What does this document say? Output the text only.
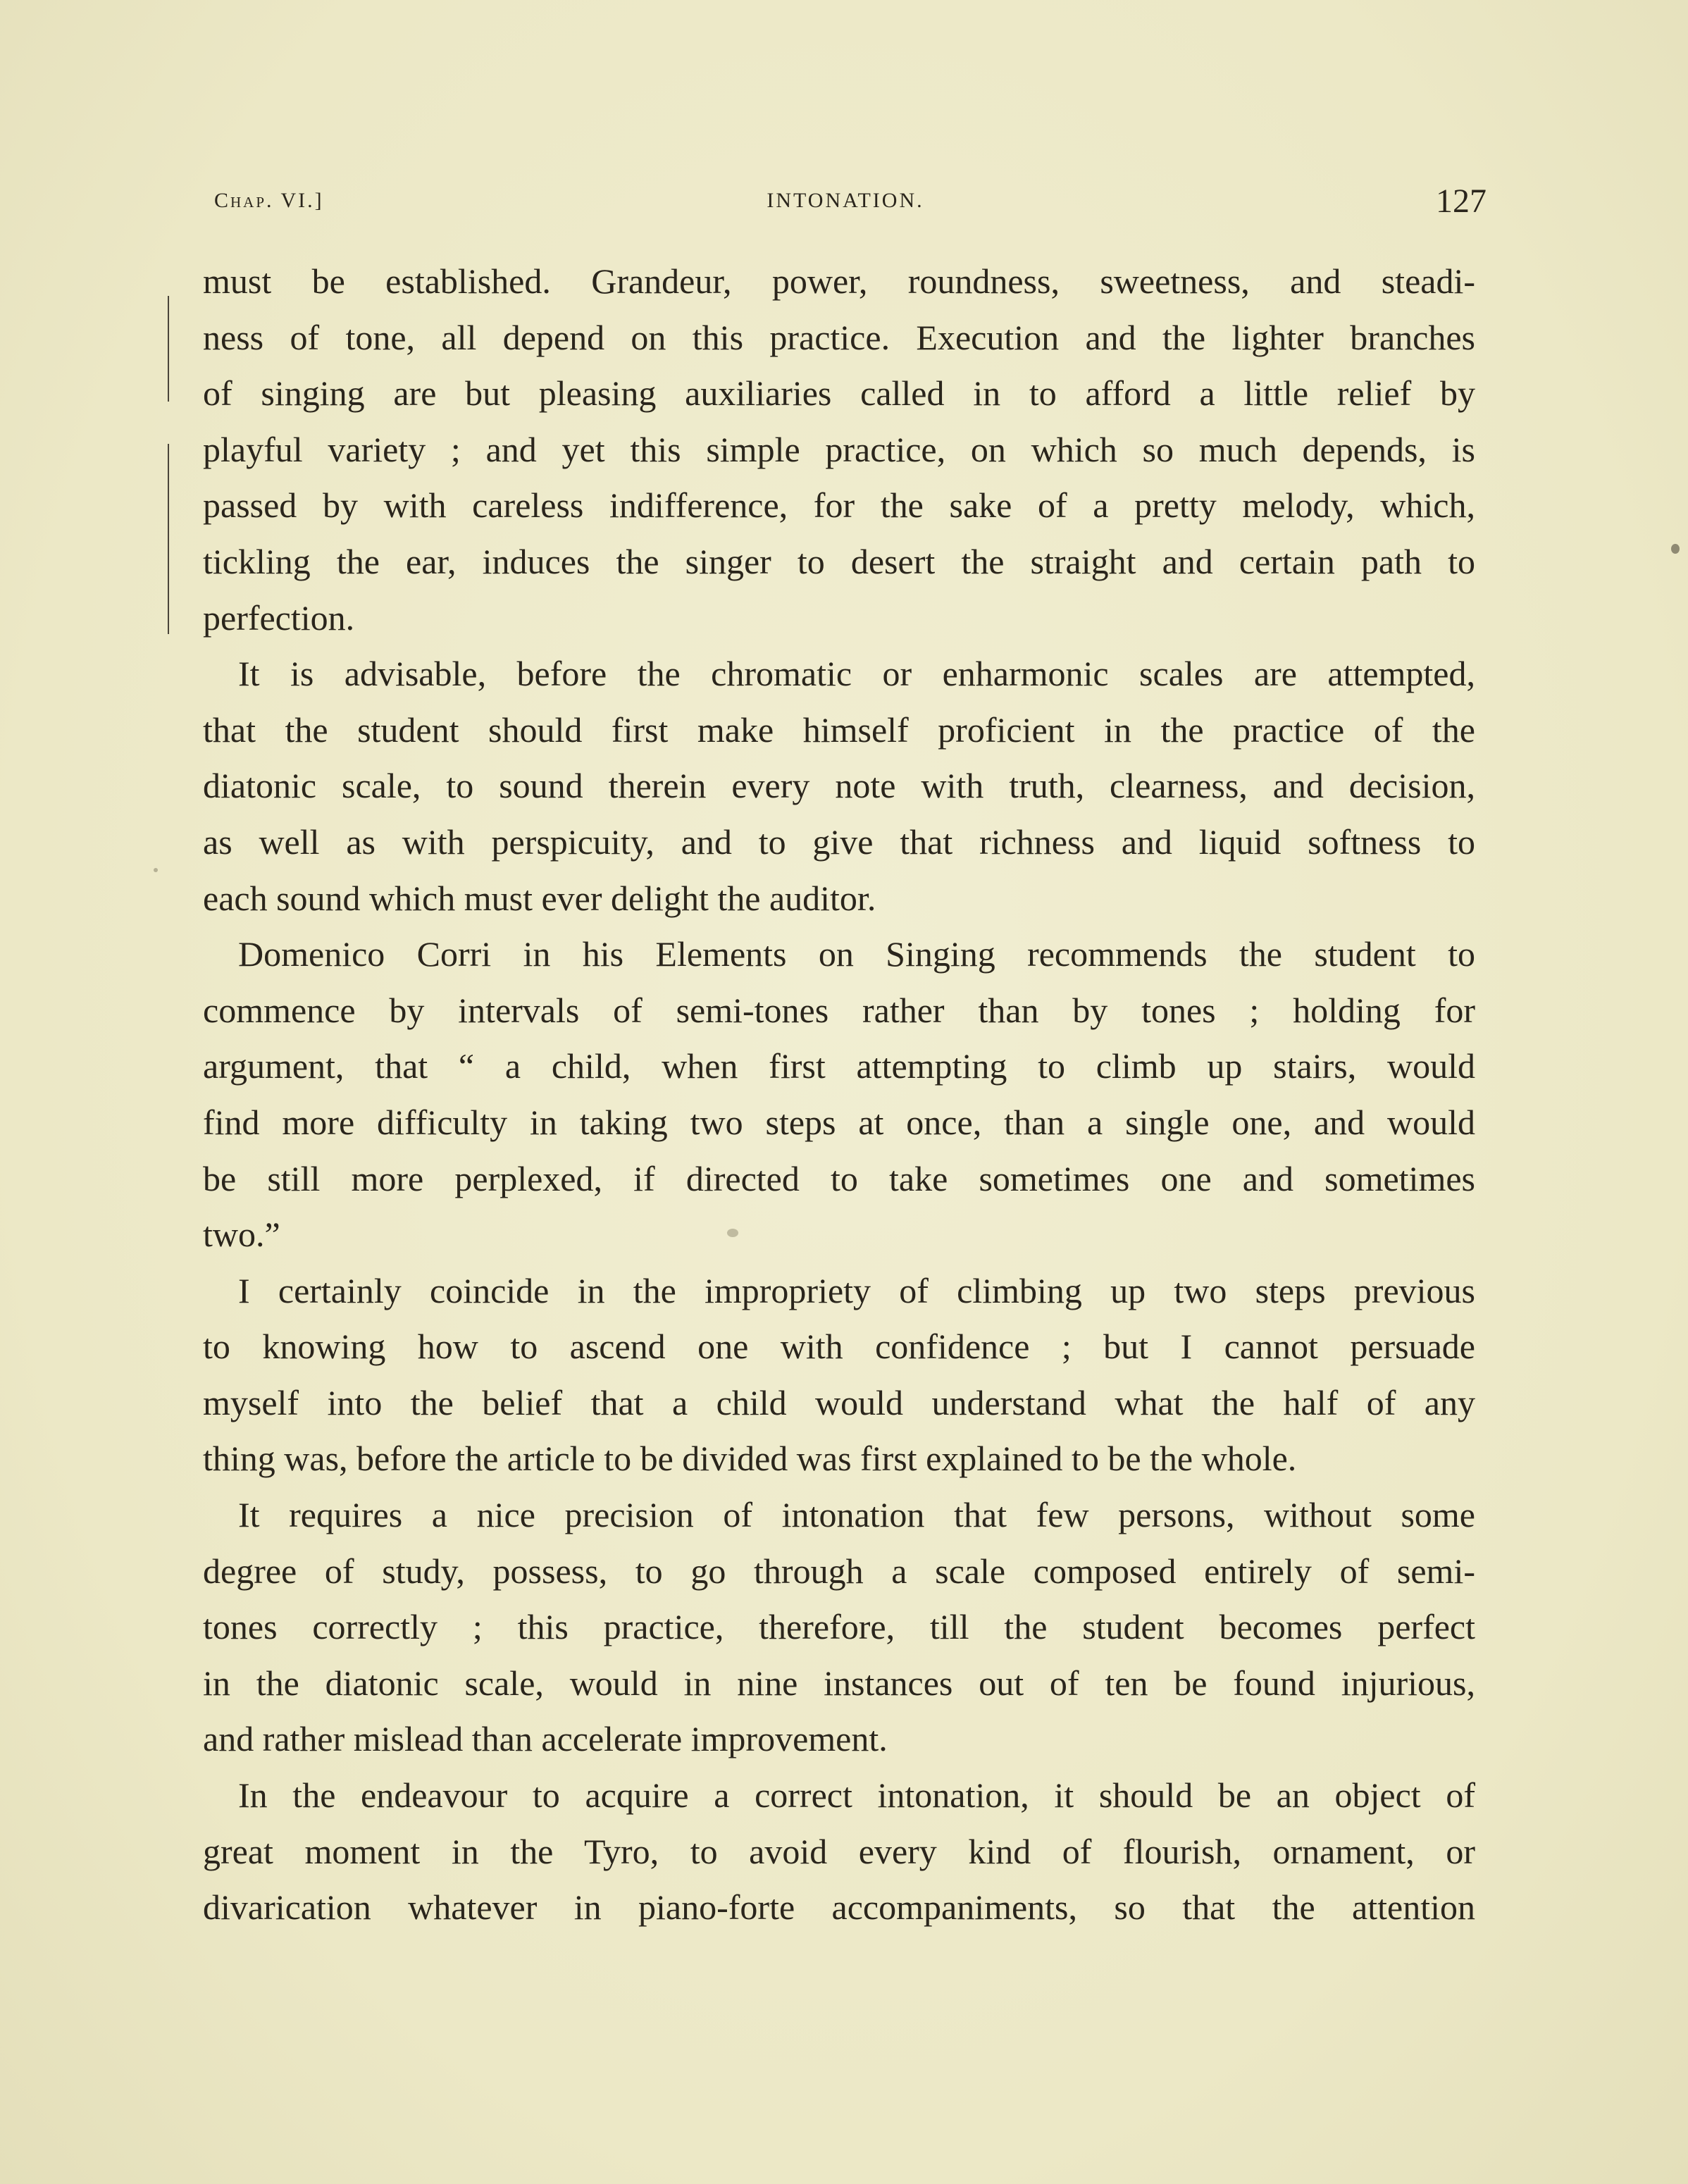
Chap. VI.]	INTONATION.	127
must be established. Grandeur, power, roundness, sweetness, and steadi-
ness of tone, all depend on this practice. Execution and the lighter branches
of singing are but pleasing auxiliaries called in to afford a little relief by
playful variety ; and yet this simple practice, on which so much depends, is
passed by with careless indifference, for the sake of a pretty melody, which,
tickling the ear, induces the singer to desert the straight and certain path to
perfection.
It is advisable, before the chromatic or enharmonic scales are attempted,
that the student should first make himself proficient in the practice of the
diatonic scale, to sound therein every note with truth, clearness, and decision,
as well as with perspicuity, and to give that richness and liquid softness to
each sound which must ever delight the auditor.
Domenico Corri in his Elements on Singing recommends the student to
commence by intervals of semi-tones rather than by tones ; holding for
argument, that “ a child, when first attempting to climb up stairs, would
find more difficulty in taking two steps at once, than a single one, and would
be still more perplexed, if directed to take sometimes one and sometimes
two.”
I certainly coincide in the impropriety of climbing up two steps previous
to knowing how to ascend one with confidence ; but I cannot persuade
myself into the belief that a child would understand what the half of any
thing was, before the article to be divided was first explained to be the whole.
It requires a nice precision of intonation that few persons, without some
degree of study, possess, to go through a scale composed entirely of semi-
tones correctly ; this practice, therefore, till the student becomes perfect
in the diatonic scale, would in nine instances out of ten be found injurious,
and rather mislead than accelerate improvement.
In the endeavour to acquire a correct intonation, it should be an object of
great moment in the Tyro, to avoid every kind of flourish, ornament, or
divarication whatever in piano-forte accompaniments, so that the attention
